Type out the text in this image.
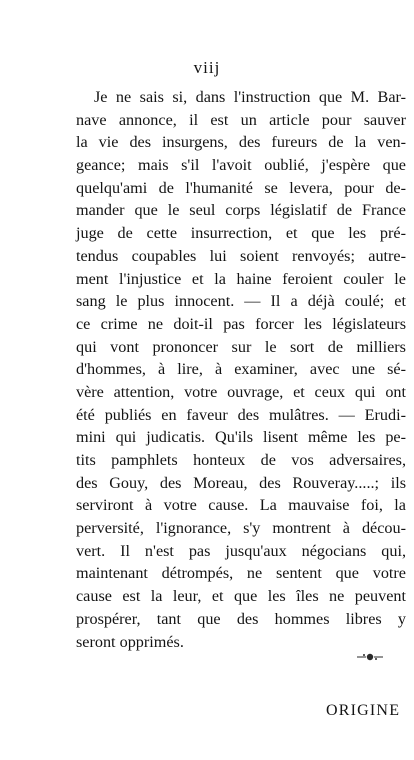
viij
Je ne sais si, dans l'instruction que M. Bar-
nave annonce, il est un article pour sauver
la vie des insurgens, des fureurs de la ven-
geance; mais s'il l'avoit oublié, j'espère que
quelqu'ami de l'humanité se levera, pour de-
mander que le seul corps législatif de France
juge de cette insurrection, et que les pré-
tendus coupables lui soient renvoyés; autre-
ment l'injustice et la haine feroient couler le
sang le plus innocent. — Il a déjà coulé; et
ce crime ne doit-il pas forcer les législateurs
qui vont prononcer sur le sort de milliers
d'hommes, à lire, à examiner, avec une sé-
vère attention, votre ouvrage, et ceux qui ont
été publiés en faveur des mulâtres. — Erudi-
mini qui judicatis. Qu'ils lisent même les pe-
tits pamphlets honteux de vos adversaires,
des Gouy, des Moreau, des Rouveray.....; ils
serviront à votre cause. La mauvaise foi, la
perversité, l'ignorance, s'y montrent à décou-
vert. Il n'est pas jusqu'aux négocians qui,
maintenant détrompés, ne sentent que votre
cause est la leur, et que les îles ne peuvent
prospérer, tant que des hommes libres y
seront opprimés.
ORIGINE
